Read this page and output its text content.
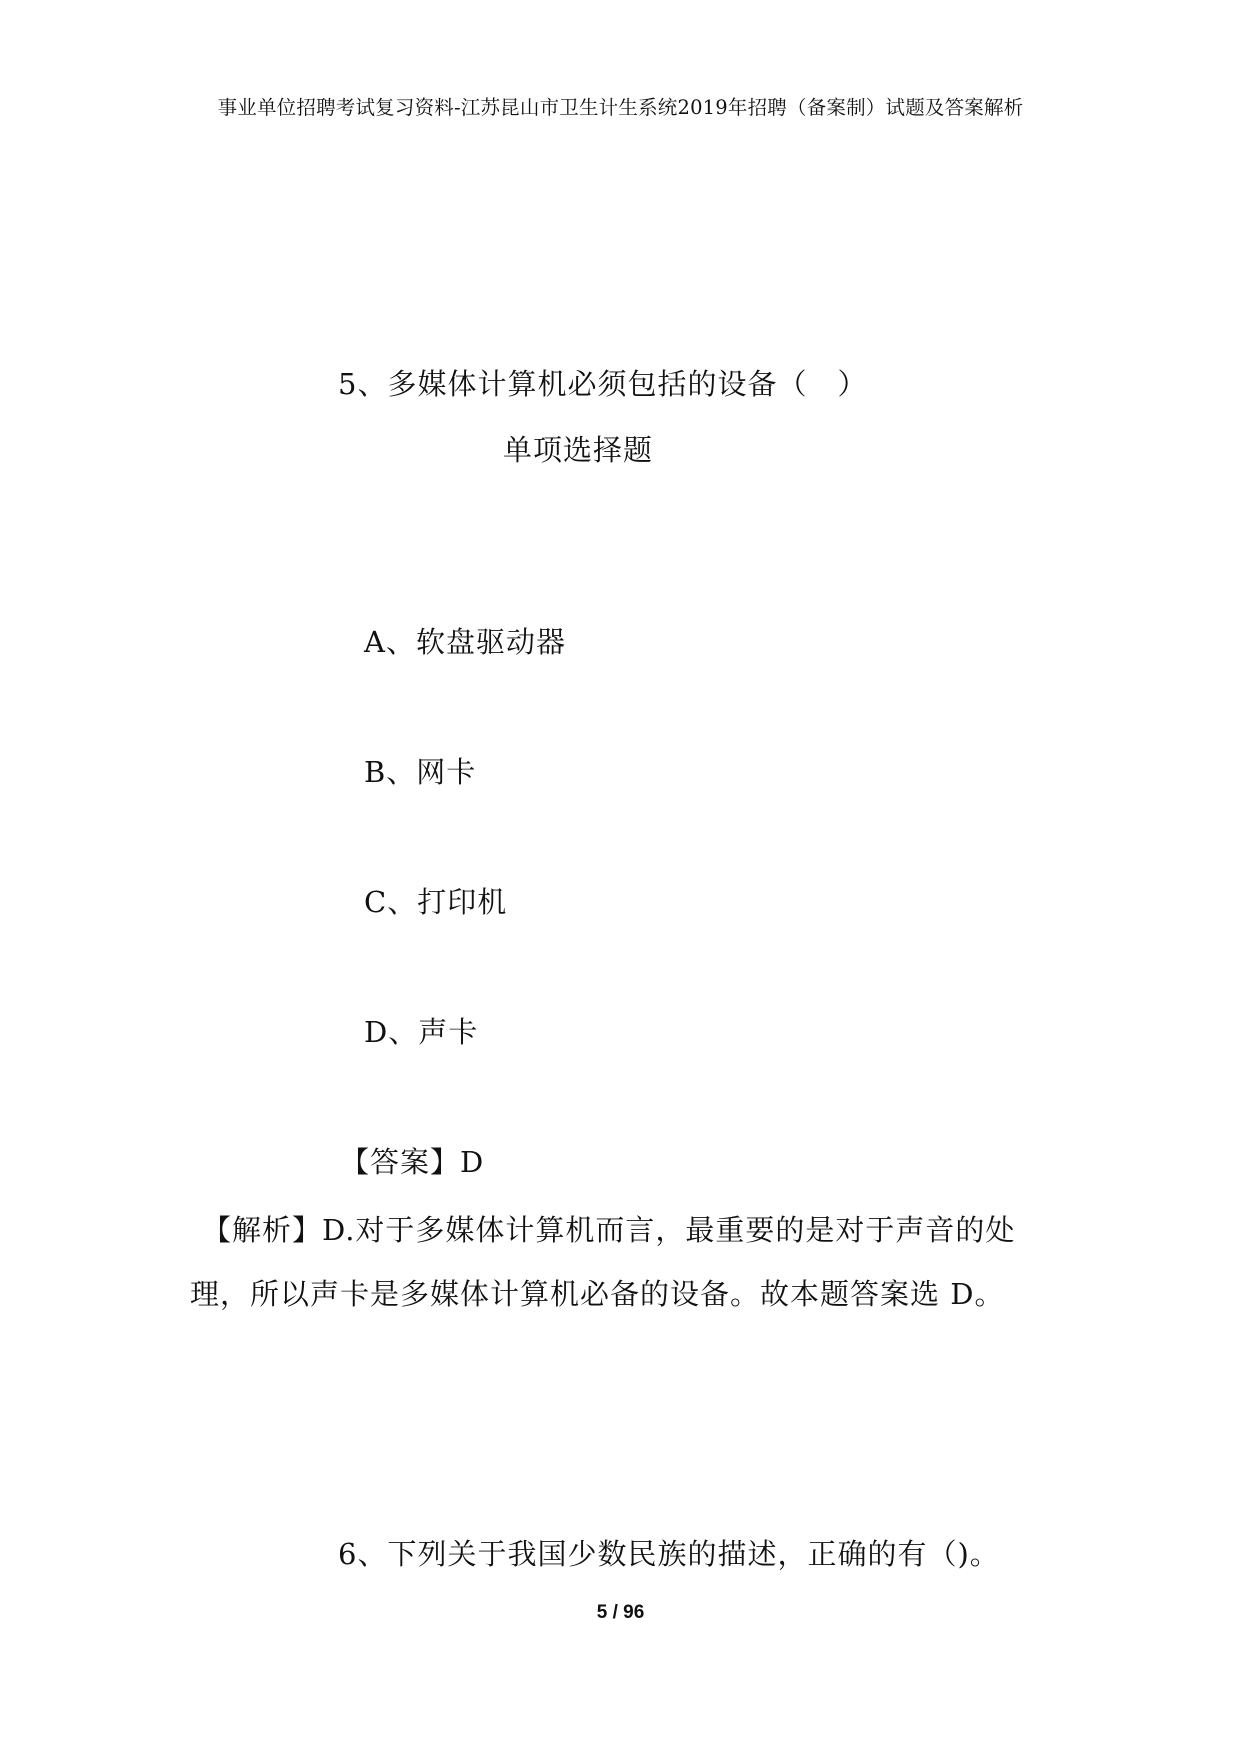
事业单位招聘考试复习资料-江苏昆山市卫生计生系统2019年招聘（备案制）试题及答案解析
5、多媒体计算机必须包括的设备（　）
单项选择题
A、软盘驱动器
B、网卡
C、打印机
D、声卡
【答案】D
【解析】D.对于多媒体计算机而言，最重要的是对于声音的处
理，所以声卡是多媒体计算机必备的设备。故本题答案选 D。
6、下列关于我国少数民族的描述，正确的有（)。
5 / 96
